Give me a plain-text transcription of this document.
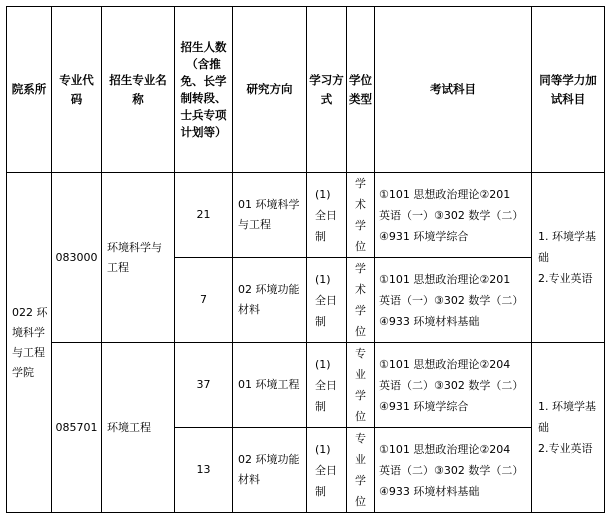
院系所	专业代码	招生专业名称	招生人数（含推免、长学制转段、士兵专项计划等）	研究方向	学习方式	学位类型	考试科目	同等学力加试科目
022 环境科学与工程学院	083000	环境科学与工程	21	01 环境科学与工程	(1) 全日制	学术学位	①101 思想政治理论②201
英语（一）③302 数学（二）
④931 环境学综合	1. 环境学基础
2.专业英语

			7	02 环境功能材料	(1) 全日制	学术学位	①101 思想政治理论②201
英语（一）③302 数学（二）
④933 环境材料基础	

	085701	环境工程	37	01 环境工程	(1) 全日制	专业学位	①101 思想政治理论②204
英语（二）③302 数学（二）
④931 环境学综合	1. 环境学基础
2.专业英语

			13	02 环境功能材料	(1) 全日制	专业学位	①101 思想政治理论②204
英语（二）③302 数学（二）
④933 环境材料基础	
